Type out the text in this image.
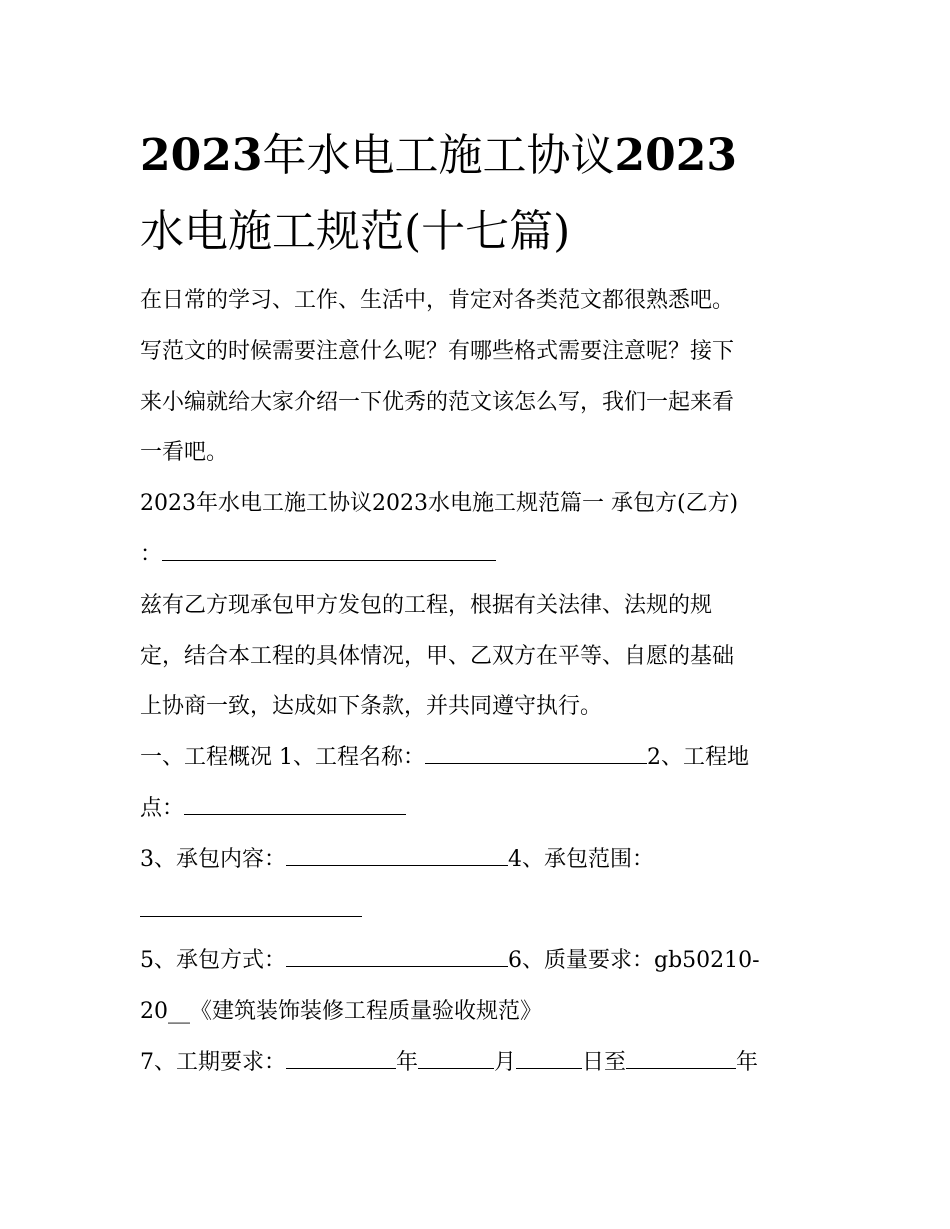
2023年水电工施工协议2023
水电施工规范(十七篇)
在日常的学习、工作、生活中，肯定对各类范文都很熟悉吧。
写范文的时候需要注意什么呢？有哪些格式需要注意呢？接下
来小编就给大家介绍一下优秀的范文该怎么写，我们一起来看
一看吧。
2023年水电工施工协议2023水电施工规范篇一 承包方(乙方)
：
兹有乙方现承包甲方发包的工程，根据有关法律、法规的规
定，结合本工程的具体情况，甲、乙双方在平等、自愿的基础
上协商一致，达成如下条款，并共同遵守执行。
一、工程概况 1、工程名称：	2、工程地
点：
3、承包内容：	4、承包范围：
5、承包方式：	6、质量要求：gb50210-
20__《建筑装饰装修工程质量验收规范》
7、工期要求：	年	月	日至	年
